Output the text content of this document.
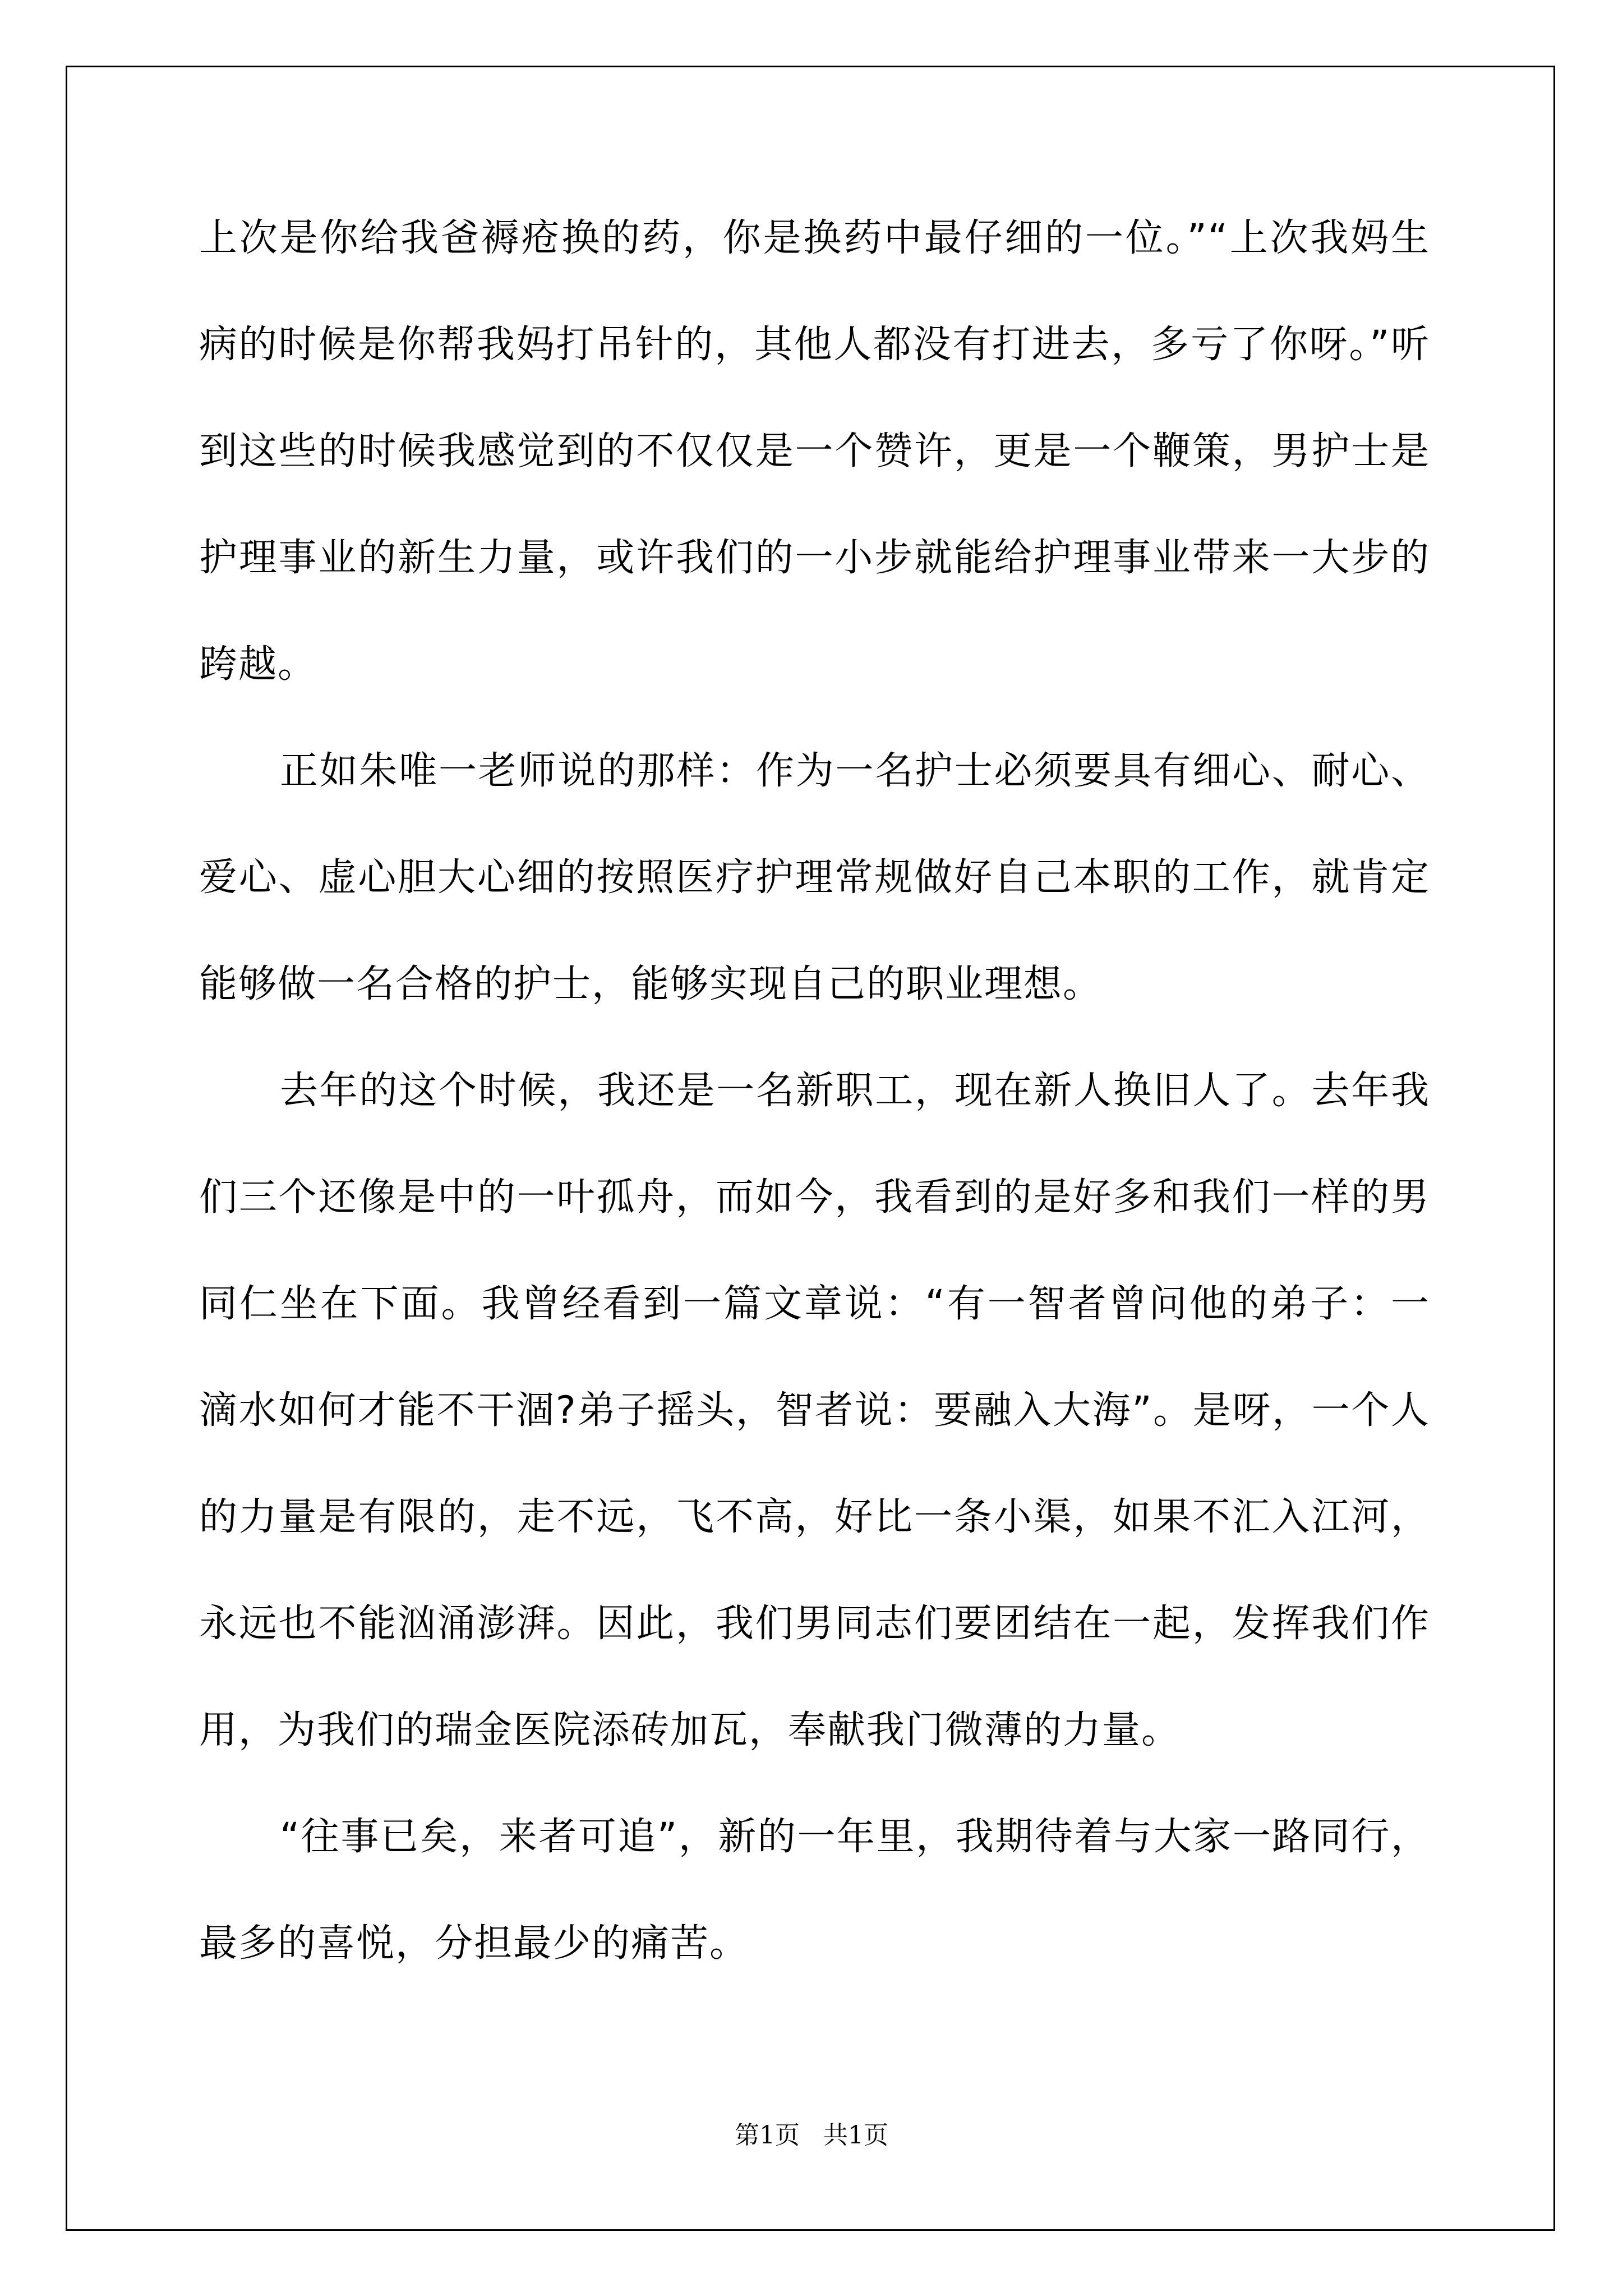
上次是你给我爸褥疮换的药，你是换药中最仔细的一位。”“上次我妈生病的时候是你帮我妈打吊针的，其他人都没有打进去，多亏了你呀。”听到这些的时候我感觉到的不仅仅是一个赞许，更是一个鞭策，男护士是护理事业的新生力量，或许我们的一小步就能给护理事业带来一大步的跨越。

正如朱唯一老师说的那样：作为一名护士必须要具有细心、耐心、爱心、虚心胆大心细的按照医疗护理常规做好自己本职的工作，就肯定能够做一名合格的护士，能够实现自己的职业理想。

去年的这个时候，我还是一名新职工，现在新人换旧人了。去年我们三个还像是中的一叶孤舟，而如今，我看到的是好多和我们一样的男同仁坐在下面。我曾经看到一篇文章说：“有一智者曾问他的弟子：一滴水如何才能不干涸?弟子摇头，智者说：要融入大海”。是呀，一个人的力量是有限的，走不远，飞不高，好比一条小渠，如果不汇入江河，永远也不能汹涌澎湃。因此，我们男同志们要团结在一起，发挥我们作用，为我们的瑞金医院添砖加瓦，奉献我门微薄的力量。

“往事已矣，来者可追”，新的一年里，我期待着与大家一路同行，最多的喜悦，分担最少的痛苦。

第1页   共1页
